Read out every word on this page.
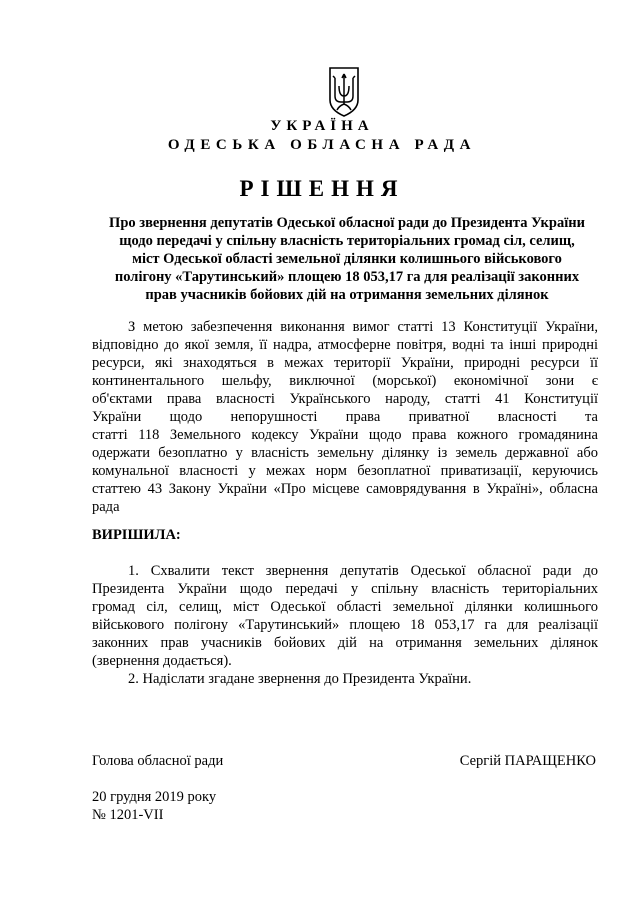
УКРАЇНА
ОДЕСЬКА ОБЛАСНА РАДА
РІШЕННЯ
Про звернення депутатів Одеської обласної ради до Президента України
щодо передачі у спільну власність територіальних громад сіл, селищ,
міст Одеської області земельної ділянки колишнього військового
полігону «Тарутинський» площею 18 053,17 га для реалізації законних
прав учасників бойових дій на отримання земельних ділянок
З метою забезпечення виконання вимог статті 13 Конституції України,
відповідно до якої земля, її надра, атмосферне повітря, водні та інші природні
ресурси, які знаходяться в межах території України, природні ресурси її
континентального шельфу, виключної (морської) економічної зони є
об'єктами права власності Українського народу, статті 41 Конституції
України щодо непорушності права приватної власності та
статті 118 Земельного кодексу України щодо права кожного громадянина
одержати безоплатно у власність земельну ділянку із земель державної або
комунальної власності у межах норм безоплатної приватизації, керуючись
статтею 43 Закону України «Про місцеве самоврядування в Україні», обласна
рада
ВИРІШИЛА:
1. Схвалити текст звернення депутатів Одеської обласної ради до
Президента України щодо передачі у спільну власність територіальних
громад сіл, селищ, міст Одеської області земельної ділянки колишнього
військового полігону «Тарутинський» площею 18 053,17 га для реалізації
законних прав учасників бойових дій на отримання земельних ділянок
(звернення додається).
2. Надіслати згадане звернення до Президента України.
Голова обласної ради	Сергій ПАРАЩЕНКО
20 грудня 2019 року
№ 1201-VII
